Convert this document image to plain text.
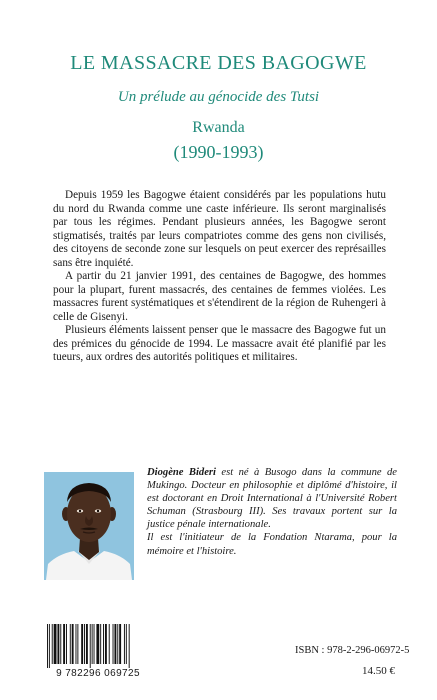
LE MASSACRE DES BAGOGWE
Un prélude au génocide des Tutsi
Rwanda
(1990-1993)

Depuis 1959 les Bagogwe étaient considérés par les populations hutu du nord du Rwanda comme une caste inférieure. Ils seront marginalisés par tous les régimes. Pendant plusieurs années, les Bagogwe seront stigmatisés, traités par leurs compatriotes comme des gens non civilisés, des citoyens de seconde zone sur lesquels on peut exercer des représailles sans être inquiété.

A partir du 21 janvier 1991, des centaines de Bagogwe, des hommes pour la plupart, furent massacrés, des centaines de femmes violées. Les massacres furent systématiques et s'étendirent de la région de Ruhengeri à celle de Gisenyi.

Plusieurs éléments laissent penser que le massacre des Bagogwe fut un des prémices du génocide de 1994. Le massacre avait été planifié par les tueurs, aux ordres des autorités politiques et militaires.

Diogène Bideri est né à Busogo dans la commune de Mukingo. Docteur en philosophie et diplômé d'histoire, il est doctorant en Droit International à l'Université Robert Schuman (Strasbourg III). Ses travaux portent sur la justice pénale internationale.

Il est l'initiateur de la Fondation Ntarama, pour la mémoire et l'histoire.

9 782296 069725
ISBN : 978-2-296-06972-5
14.50 €
